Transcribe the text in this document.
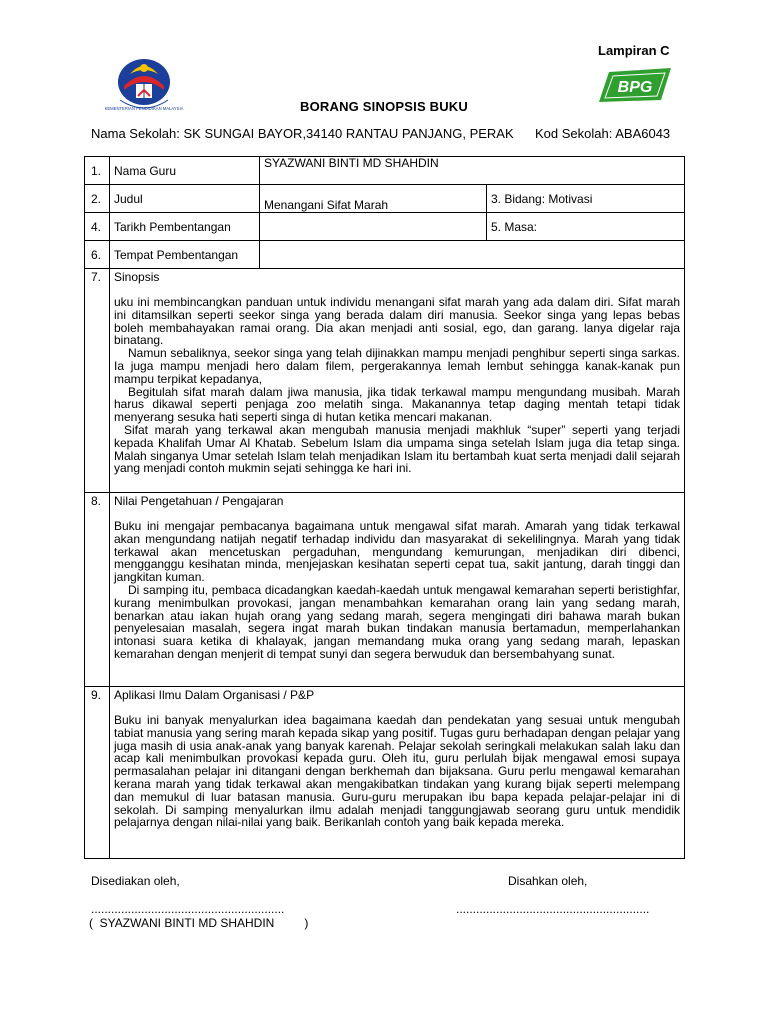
Lampiran C
KEMENTERIAN PENDIDIKAN MALAYSIA
BPG
BORANG SINOPSIS BUKU
Nama Sekolah: SK SUNGAI BAYOR,34140 RANTAU PANJANG, PERAK Kod Sekolah: ABA6043
1.	Nama Guru	SYAZWANI BINTI MD SHAHDIN	

2.	Judul	Menangani Sifat Marah	3. Bidang: Motivasi
4.	Tarikh Pembentangan		5. Masa:
6.	Tempat Pembentangan		
7.	Sinopsis

uku ini membincangkan panduan untuk individu menangani sifat marah yang ada dalam diri. Sifat marah ini ditamsilkan seperti seekor singa yang berada dalam diri manusia. Seekor singa yang lepas bebas boleh membahayakan ramai orang. Dia akan menjadi anti sosial, ego, dan garang. lanya digelar raja binatang.

Namun sebaliknya, seekor singa yang telah dijinakkan mampu menjadi penghibur seperti singa sarkas. Ia juga mampu menjadi hero dalam filem, pergerakannya lemah lembut sehingga kanak-kanak pun mampu terpikat kepadanya,

Begitulah sifat marah dalam jiwa manusia, jika tidak terkawal mampu mengundang musibah. Marah harus dikawal seperti penjaga zoo melatih singa. Makanannya tetap daging mentah tetapi tidak menyerang sesuka hati seperti singa di hutan ketika mencari makanan.

Sifat marah yang terkawal akan mengubah manusia menjadi makhluk “super” seperti yang terjadi kepada Khalifah Umar Al Khatab. Sebelum Islam dia umpama singa setelah Islam juga dia tetap singa. Malah singanya Umar setelah Islam telah menjadikan Islam itu bertambah kuat serta menjadi dalil sejarah yang menjadi contoh mukmin sejati sehingga ke hari ini.		

8.	Nilai Pengetahuan / Pengajaran

Buku ini mengajar pembacanya bagaimana untuk mengawal sifat marah. Amarah yang tidak terkawal akan mengundang natijah negatif terhadap individu dan masyarakat di sekelilingnya. Marah yang tidak terkawal akan mencetuskan pergaduhan, mengundang kemurungan, menjadikan diri dibenci, mengganggu kesihatan minda, menjejaskan kesihatan seperti cepat tua, sakit jantung, darah tinggi dan jangkitan kuman.

Di samping itu, pembaca dicadangkan kaedah-kaedah untuk mengawal kemarahan seperti beristighfar, kurang menimbulkan provokasi, jangan menambahkan kemarahan orang lain yang sedang marah, benarkan atau iakan hujah orang yang sedang marah, segera mengingati diri bahawa marah bukan penyelesaian masalah, segera ingat marah bukan tindakan manusia bertamadun, memperlahankan intonasi suara ketika di khalayak, jangan memandang muka orang yang sedang marah, lepaskan kemarahan dengan menjerit di tempat sunyi dan segera berwuduk dan bersembahyang sunat.		

9.	Aplikasi Ilmu Dalam Organisasi / P&P

Buku ini banyak menyalurkan idea bagaimana kaedah dan pendekatan yang sesuai untuk mengubah tabiat manusia yang sering marah kepada sikap yang positif. Tugas guru berhadapan dengan pelajar yang juga masih di usia anak-anak yang banyak karenah. Pelajar sekolah seringkali melakukan salah laku dan acap kali menimbulkan provokasi kepada guru. Oleh itu, guru perlulah bijak mengawal emosi supaya permasalahan pelajar ini ditangani dengan berkhemah dan bijaksana. Guru perlu mengawal kemarahan kerana marah yang tidak terkawal akan mengakibatkan tindakan yang kurang bijak seperti melempang dan memukul di luar batasan manusia. Guru-guru merupakan ibu bapa kepada pelajar-pelajar ini di sekolah. Di samping menyalurkan ilmu adalah menjadi tanggungjawab seorang guru untuk mendidik pelajarnya dengan nilai-nilai yang baik. Berikanlah contoh yang baik kepada mereka.		

Disediakan oleh,	Disahkan oleh,
..........................................................	..........................................................
(  SYAZWANI BINTI MD SHAHDIN         )
